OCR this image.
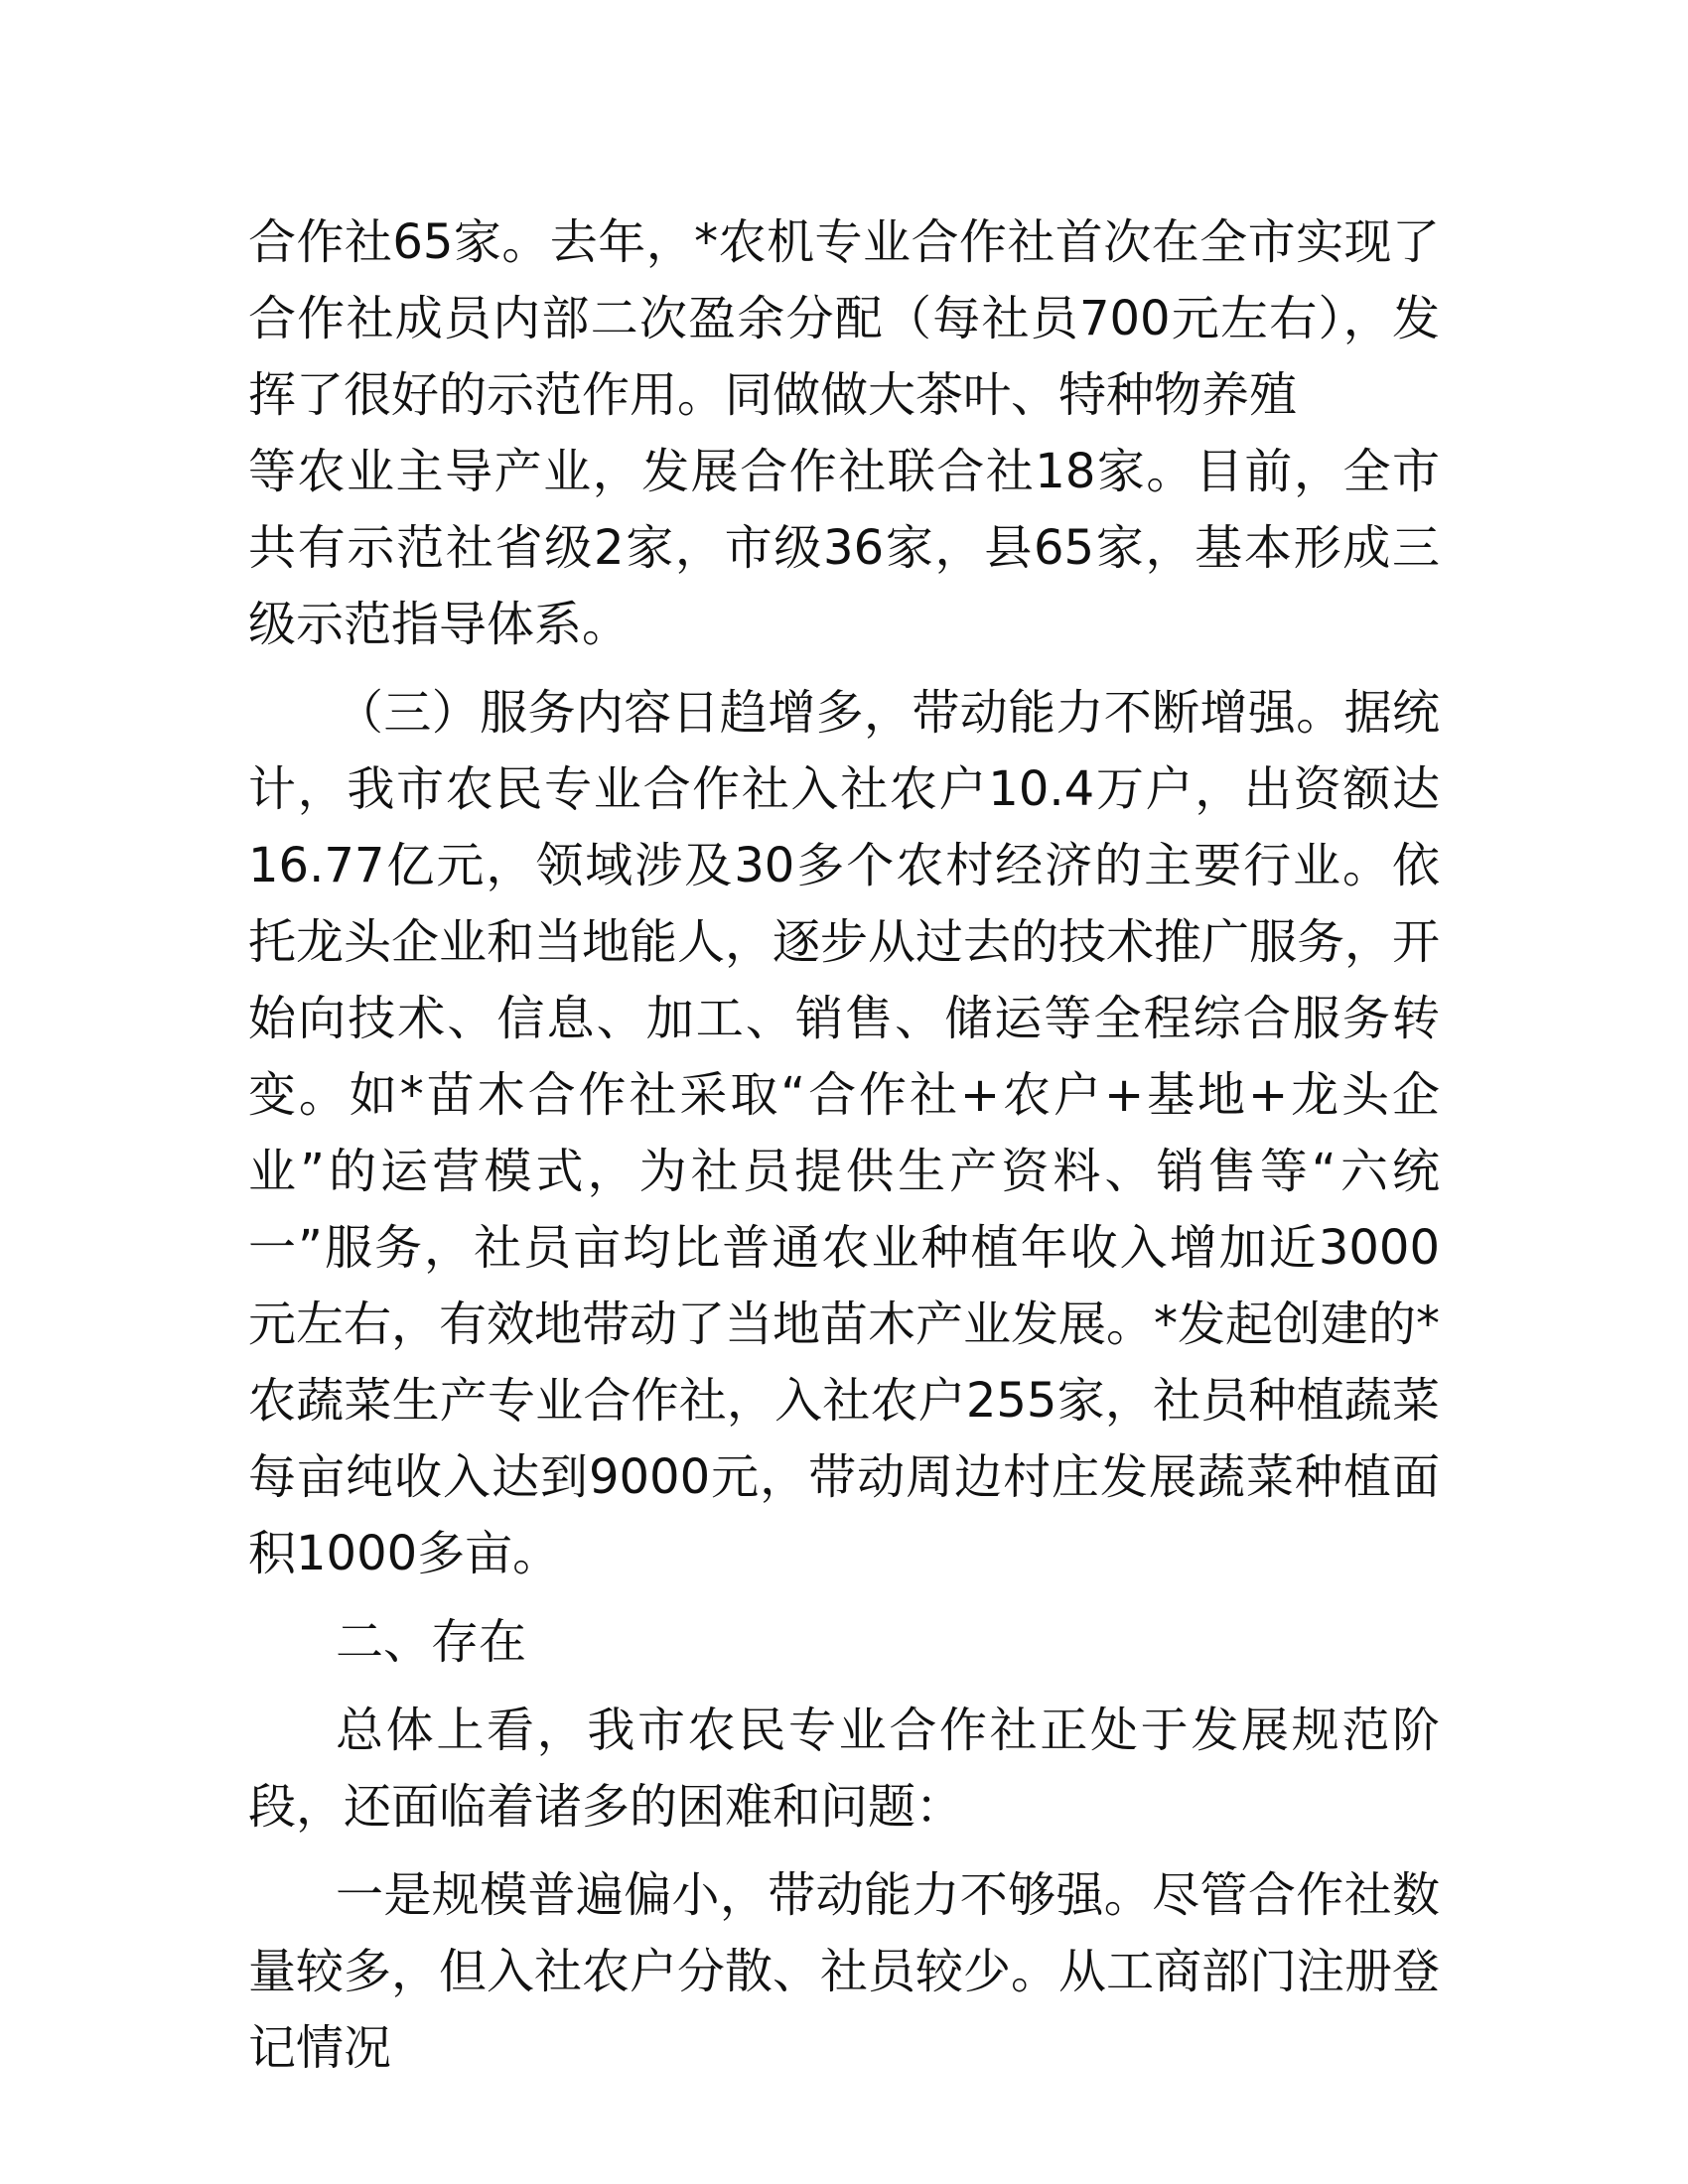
合作社65家。去年，*农机专业合作社首次在全市实现了合作社成员内部二次盈余分配（每社员700元左右），发挥了很好的示范作用。同做做大茶叶、特种物养殖

等农业主导产业，发展合作社联合社18家。目前，全市共有示范社省级2家，市级36家，县65家，基本形成三级示范指导体系。

（三）服务内容日趋增多，带动能力不断增强。据统计，我市农民专业合作社入社农户10.4万户，出资额达16.77亿元，领域涉及30多个农村经济的主要行业。依托龙头企业和当地能人，逐步从过去的技术推广服务，开始向技术、信息、加工、销售、储运等全程综合服务转变。如*苗木合作社采取“合作社+农户+基地+龙头企业”的运营模式，为社员提供生产资料、销售等“六统一”服务，社员亩均比普通农业种植年收入增加近3000元左右，有效地带动了当地苗木产业发展。*发起创建的*农蔬菜生产专业合作社，入社农户255家，社员种植蔬菜每亩纯收入达到9000元，带动周边村庄发展蔬菜种植面积1000多亩。

二、存在

总体上看，我市农民专业合作社正处于发展规范阶段，还面临着诸多的困难和问题：

一是规模普遍偏小，带动能力不够强。尽管合作社数量较多，但入社农户分散、社员较少。从工商部门注册登记情况
